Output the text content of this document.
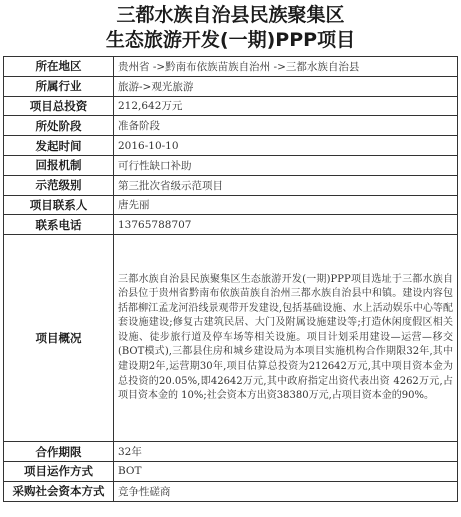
三都水族自治县民族聚集区
生态旅游开发(一期)PPP项目
所在地区	贵州省 ->黔南布依族苗族自治州 ->三都水族自治县
所属行业	旅游->观光旅游
项目总投资	212,642万元
所处阶段	准备阶段
发起时间	2016-10-10
回报机制	可行性缺口补助
示范级别	第三批次省级示范项目
项目联系人	唐先丽
联系电话	13765788707
项目概况	三都水族自治县民族聚集区生态旅游开发(一期)PPP项目选址于三都水族自治县位于贵州省黔南布依族苗族自治州三都水族自治县中和镇。建设内容包括都柳江孟龙河沿线景观带开发建设,包括基础设施、水上活动娱乐中心等配套设施建设;修复古建筑民居、大门及附属设施建设等;打造休闲度假区相关设施、徒步旅行道及停车场等相关设施。项目计划采用建设—运营—移交(BOT模式),三都县住房和城乡建设局为本项目实施机构合作期限32年,其中建设期2年,运营期30年,项目估算总投资为212642万元,其中项目资本金为总投资的20.05%,即42642万元,其中政府指定出资代表出资 4262万元,占项目资本金的 10%;社会资本方出资38380万元,占项目资本金的90%。
合作期限	32年
项目运作方式	BOT
采购社会资本方式	竞争性磋商
